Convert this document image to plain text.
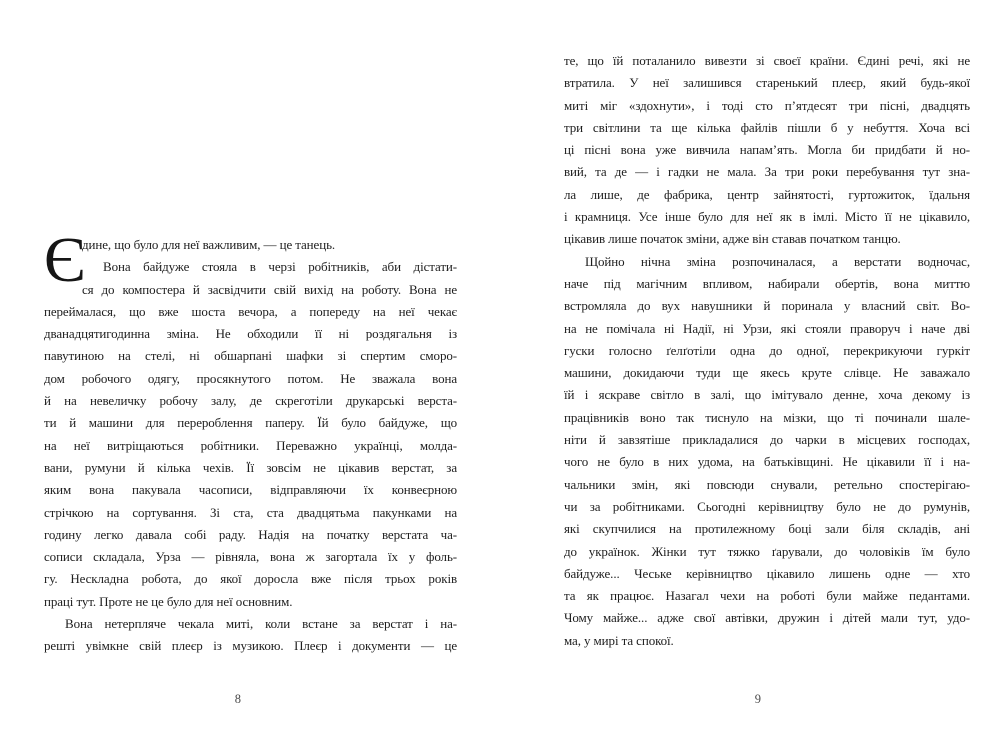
Є
дине, що було для неї важливим, — це танець.
Вона байдуже стояла в черзі робітників, аби дістати-
ся до компостера й засвідчити свій вихід на роботу. Вона не
переймалася, що вже шоста вечора, а попереду на неї чекає
дванадцятигодинна зміна. Не обходили її ні роздягальня із
павутиною на стелі, ні обшарпані шафки зі спертим сморо-
дом робочого одягу, просякнутого потом. Не зважала вона
й на невеличку робочу залу, де скреготіли друкарські верста-
ти й машини для перероблення паперу. Їй було байдуже, що
на неї витріщаються робітники. Переважно українці, молда-
вани, румуни й кілька чехів. Її зовсім не цікавив верстат, за
яким вона пакувала часописи, відправляючи їх конвеєрною
стрічкою на сортування. Зі ста, ста двадцятьма пакунками на
годину легко давала собі раду. Надія на початку верстата ча-
сописи складала, Урза — рівняла, вона ж загортала їх у фоль-
гу. Нескладна робота, до якої доросла вже після трьох років
праці тут. Проте не це було для неї основним.
Вона нетерпляче чекала миті, коли встане за верстат і на-
решті увімкне свій плеєр із музикою. Плеєр і документи — це
те, що їй поталанило вивезти зі своєї країни. Єдині речі, які не
втратила. У неї залишився старенький плеєр, який будь-якої
миті міг «здохнути», і тоді сто п’ятдесят три пісні, двадцять
три світлини та ще кілька файлів пішли б у небуття. Хоча всі
ці пісні вона уже вивчила напам’ять. Могла би придбати й но-
вий, та де — і гадки не мала. За три роки перебування тут зна-
ла лише, де фабрика, центр зайнятості, гуртожиток, їдальня
і крамниця. Усе інше було для неї як в імлі. Місто її не цікавило,
цікавив лише початок зміни, адже він ставав початком танцю.
Щойно нічна зміна розпочиналася, а верстати водночас,
наче під магічним впливом, набирали обертів, вона миттю
встромляла до вух навушники й поринала у власний світ. Во-
на не помічала ні Надії, ні Урзи, які стояли праворуч і наче дві
гуски голосно ґелґотіли одна до одної, перекрикуючи гуркіт
машини, докидаючи туди ще якесь круте слівце. Не заважало
їй і яскраве світло в залі, що імітувало денне, хоча декому із
працівників воно так тиснуло на мізки, що ті починали шале-
ніти й завзятіше прикладалися до чарки в місцевих господах,
чого не було в них удома, на батьківщині. Не цікавили її і на-
чальники змін, які повсюди снували, ретельно спостерігаю-
чи за робітниками. Сьогодні керівництву було не до румунів,
які скупчилися на протилежному боці зали біля складів, ані
до українок. Жінки тут тяжко ґарували, до чоловіків їм було
байдуже... Чеське керівництво цікавило лишень одне — хто
та як працює. Назагал чехи на роботі були майже педантами.
Чому майже... адже свої автівки, дружин і дітей мали тут, удо-
ма, у мирі та спокої.
8	9
